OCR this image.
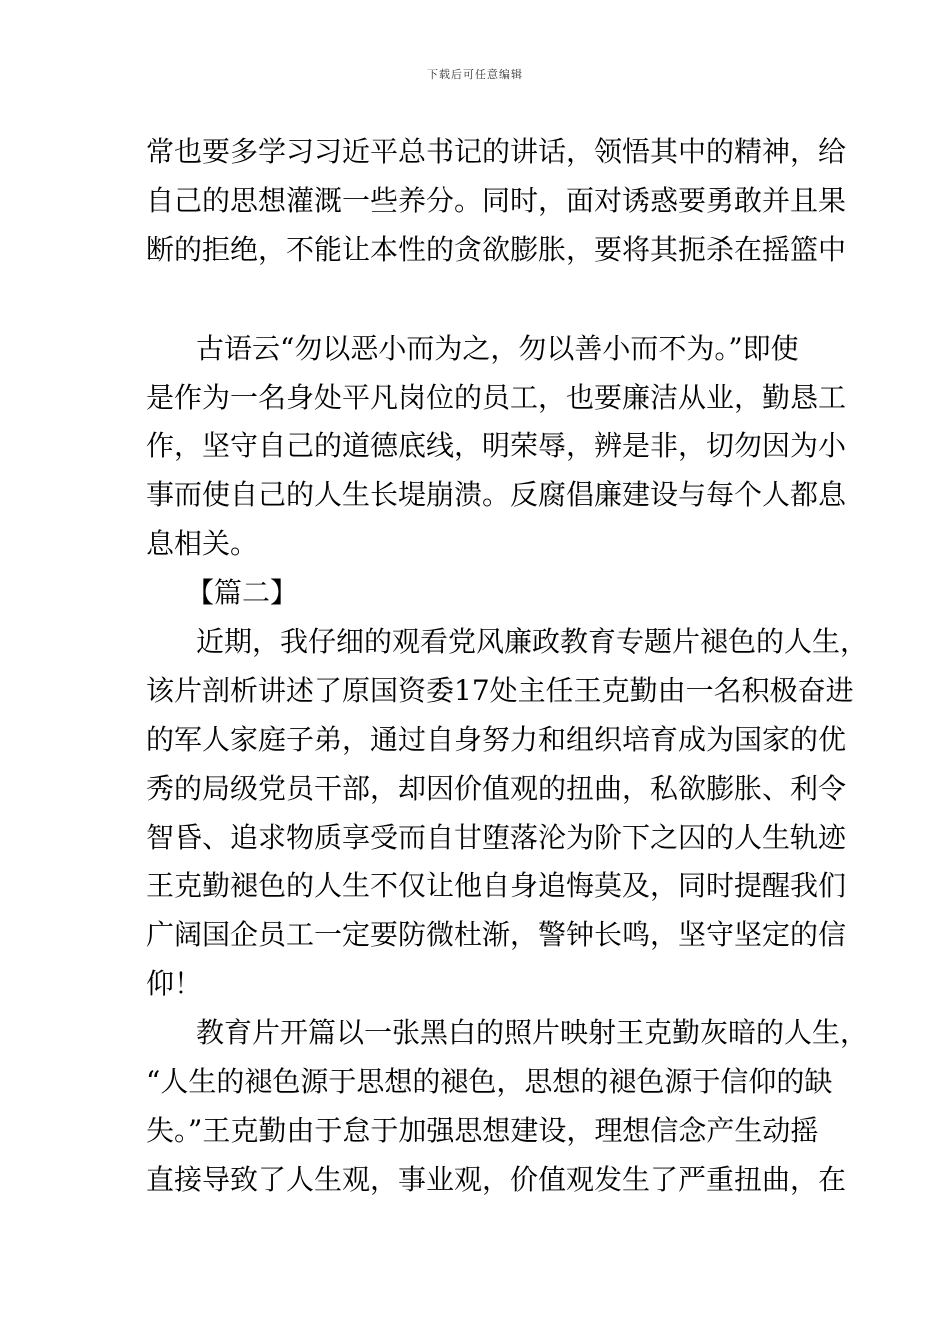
下载后可任意编辑
常也要多学习习近平总书记的讲话，领悟其中的精神，给
自己的思想灌溉一些养分。同时，面对诱惑要勇敢并且果
断的拒绝，不能让本性的贪欲膨胀，要将其扼杀在摇篮中
古语云“勿以恶小而为之，勿以善小而不为。”即使
是作为一名身处平凡岗位的员工，也要廉洁从业，勤恳工
作，坚守自己的道德底线，明荣辱，辨是非，切勿因为小
事而使自己的人生长堤崩溃。反腐倡廉建设与每个人都息
息相关。
【篇二】
近期，我仔细的观看党风廉政教育专题片褪色的人生，
该片剖析讲述了原国资委17处主任王克勤由一名积极奋进
的军人家庭子弟，通过自身努力和组织培育成为国家的优
秀的局级党员干部，却因价值观的扭曲，私欲膨胀、利令
智昏、追求物质享受而自甘堕落沦为阶下之囚的人生轨迹
王克勤褪色的人生不仅让他自身追悔莫及，同时提醒我们
广阔国企员工一定要防微杜渐，警钟长鸣，坚守坚定的信
仰！
教育片开篇以一张黑白的照片映射王克勤灰暗的人生，
“人生的褪色源于思想的褪色，思想的褪色源于信仰的缺
失。”王克勤由于怠于加强思想建设，理想信念产生动摇
直接导致了人生观，事业观，价值观发生了严重扭曲，在
